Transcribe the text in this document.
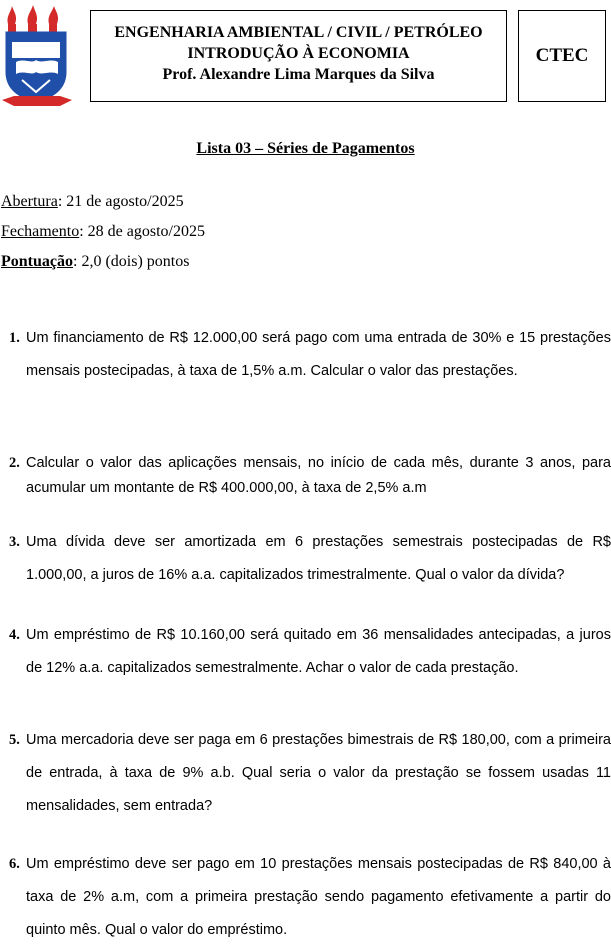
ENGENHARIA AMBIENTAL / CIVIL / PETRÓLEO
INTRODUÇÃO À ECONOMIA
Prof. Alexandre Lima Marques da Silva
CTEC
Lista 03 – Séries de Pagamentos
Abertura: 21 de agosto/2025
Fechamento: 28 de agosto/2025
Pontuação: 2,0 (dois) pontos
1. Um financiamento de R$ 12.000,00 será pago com uma entrada de 30% e 15 prestações mensais postecipadas, à taxa de 1,5% a.m. Calcular o valor das prestações.
2. Calcular o valor das aplicações mensais, no início de cada mês, durante 3 anos, para acumular um montante de R$ 400.000,00, à taxa de 2,5% a.m
3. Uma dívida deve ser amortizada em 6 prestações semestrais postecipadas de R$ 1.000,00, a juros de 16% a.a. capitalizados trimestralmente. Qual o valor da dívida?
4. Um empréstimo de R$ 10.160,00 será quitado em 36 mensalidades antecipadas, a juros de 12% a.a. capitalizados semestralmente. Achar o valor de cada prestação.
5. Uma mercadoria deve ser paga em 6 prestações bimestrais de R$ 180,00, com a primeira de entrada, à taxa de 9% a.b. Qual seria o valor da prestação se fossem usadas 11 mensalidades, sem entrada?
6. Um empréstimo deve ser pago em 10 prestações mensais postecipadas de R$ 840,00 à taxa de 2% a.m, com a primeira prestação sendo pagamento efetivamente a partir do quinto mês. Qual o valor do empréstimo.
